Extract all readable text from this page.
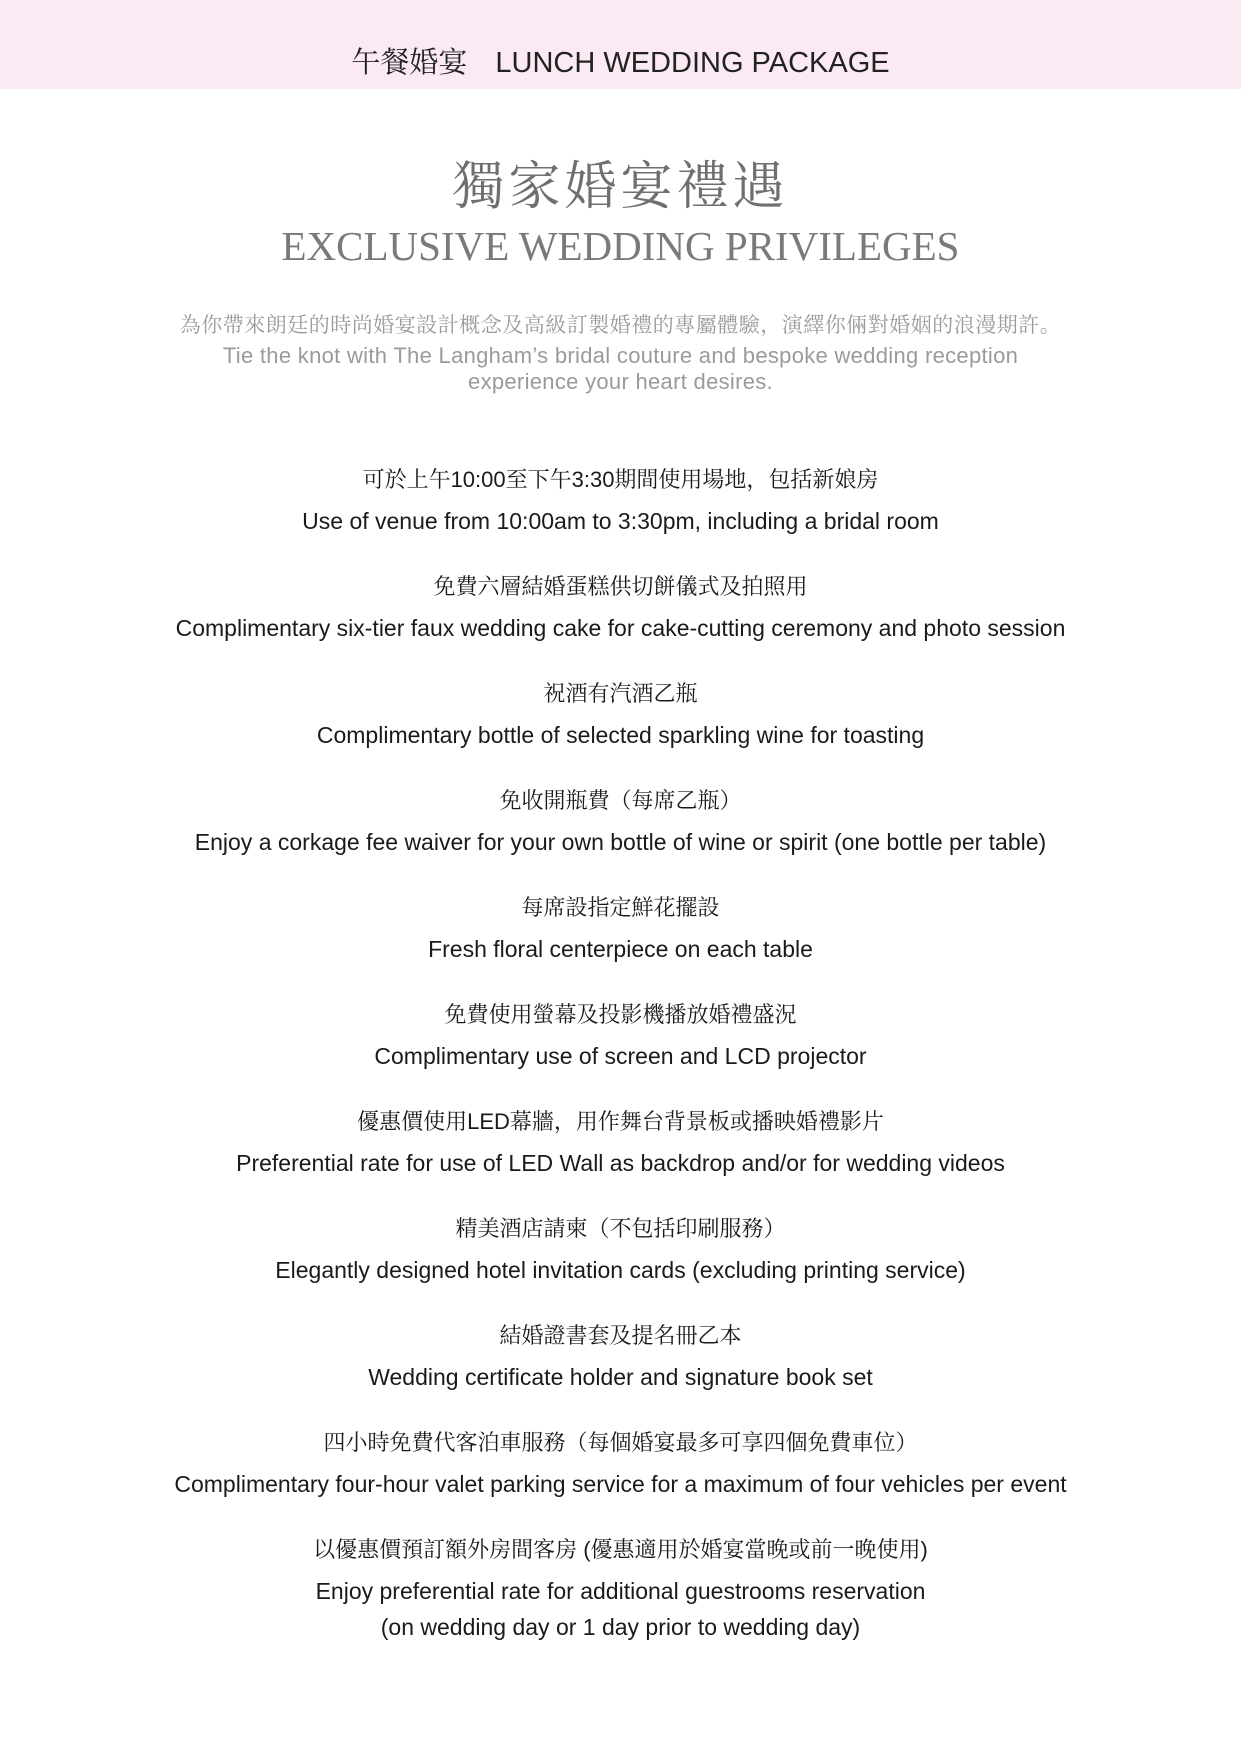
午餐婚宴 LUNCH WEDDING PACKAGE
獨家婚宴禮遇
EXCLUSIVE WEDDING PRIVILEGES
為你帶來朗廷的時尚婚宴設計概念及高級訂製婚禮的專屬體驗，演繹你倆對婚姻的浪漫期許。
Tie the knot with The Langham’s bridal couture and bespoke wedding reception
experience your heart desires.
可於上午10:00至下午3:30期間使用場地，包括新娘房
Use of venue from 10:00am to 3:30pm, including a bridal room
免費六層結婚蛋糕供切餅儀式及拍照用
Complimentary six-tier faux wedding cake for cake-cutting ceremony and photo session
祝酒有汽酒乙瓶
Complimentary bottle of selected sparkling wine for toasting
免收開瓶費（每席乙瓶）
Enjoy a corkage fee waiver for your own bottle of wine or spirit (one bottle per table)
每席設指定鮮花擺設
Fresh floral centerpiece on each table
免費使用螢幕及投影機播放婚禮盛況
Complimentary use of screen and LCD projector
優惠價使用LED幕牆，用作舞台背景板或播映婚禮影片
Preferential rate for use of LED Wall as backdrop and/or for wedding videos
精美酒店請柬（不包括印刷服務）
Elegantly designed hotel invitation cards (excluding printing service)
結婚證書套及提名冊乙本
Wedding certificate holder and signature book set
四小時免費代客泊車服務（每個婚宴最多可享四個免費車位）
Complimentary four-hour valet parking service for a maximum of four vehicles per event
以優惠價預訂額外房間客房 (優惠適用於婚宴當晚或前一晚使用)
Enjoy preferential rate for additional guestrooms reservation
(on wedding day or 1 day prior to wedding day)
